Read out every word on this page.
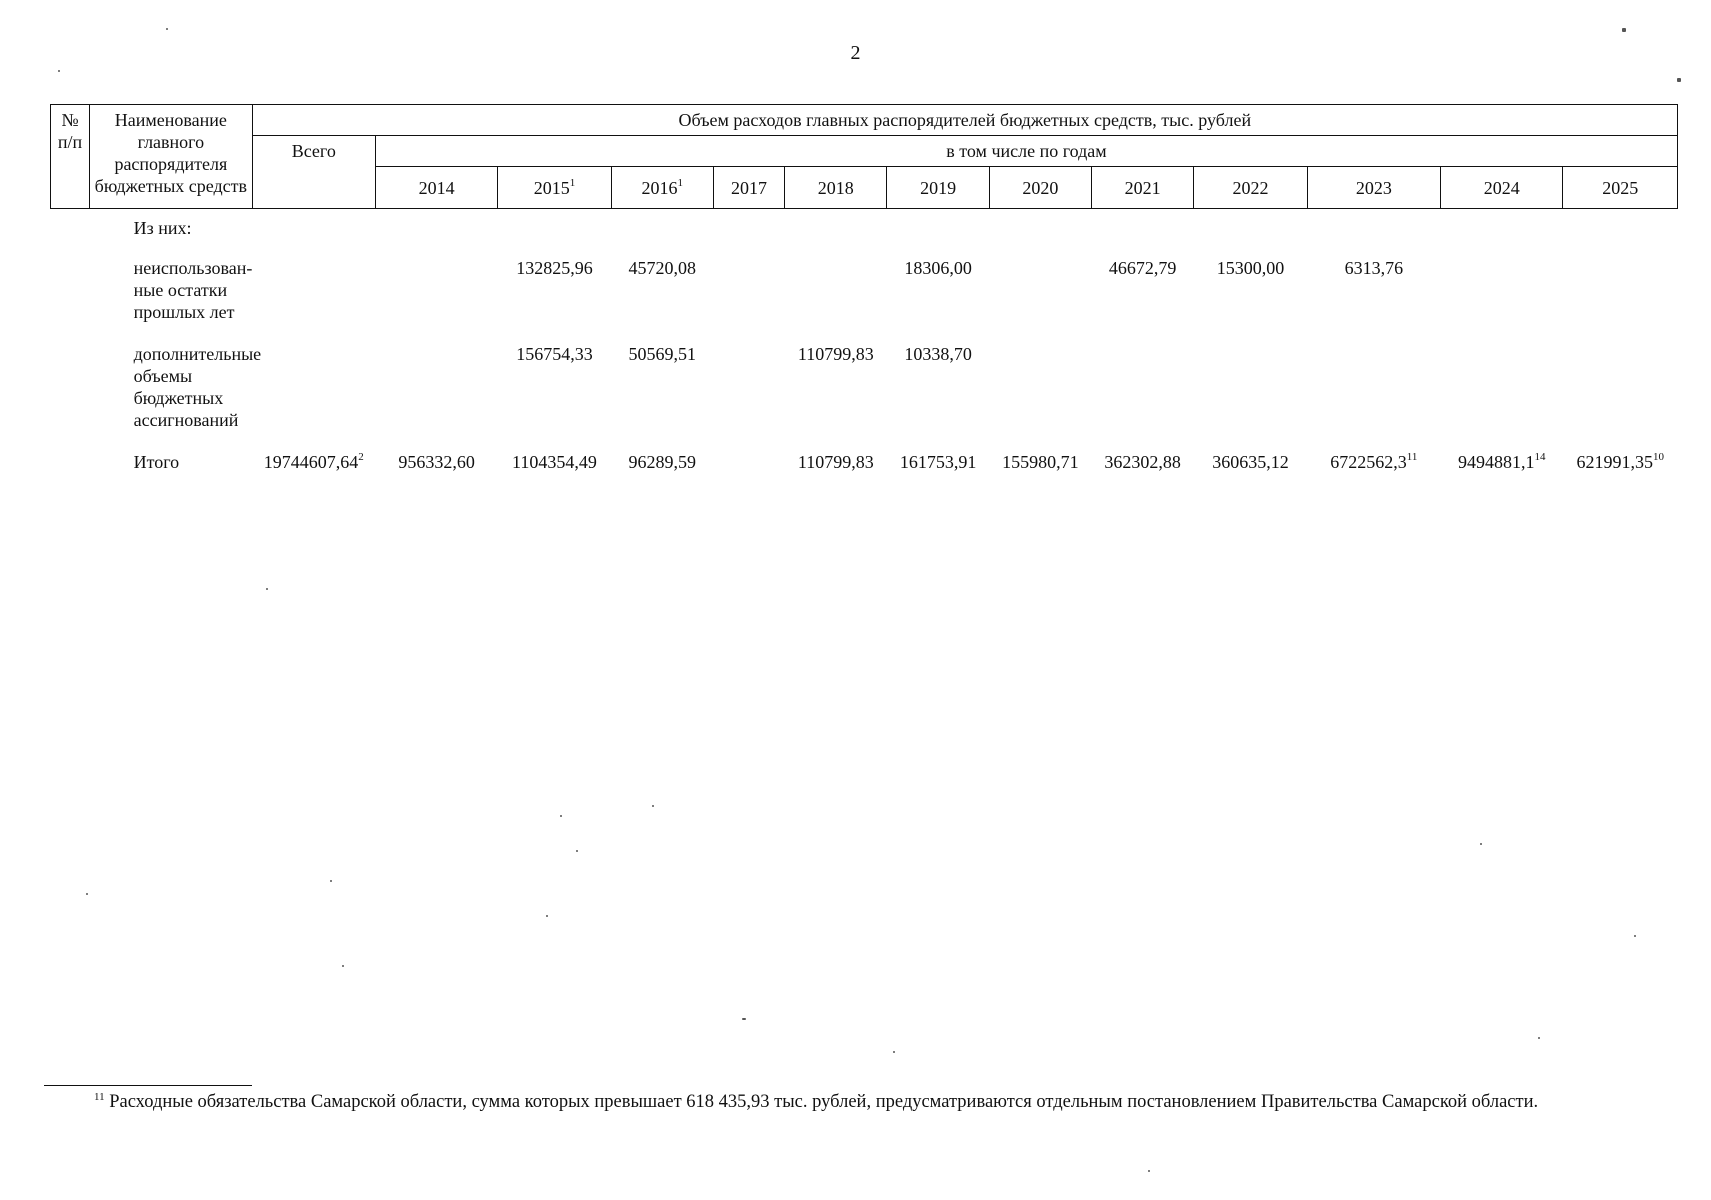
2
№ п/п	Наименование главного распорядителя бюджетных средств	Объем расходов главных распорядителей бюджетных средств, тыс. рублей												
		Всего	в том числе по годам											
			2014	2015$^1$	2016$^1$	2017	2018	2019	2020	2021	2022	2023	2024	2025
	Из них:													
	неиспользован-ные остатки прошлых лет			132825,96	45720,08			18306,00		46672,79	15300,00	6313,76		
	дополнительные объемы бюджетных ассигнований			156754,33	50569,51		110799,83	10338,70						
	Итого	19744607,64$^2$	956332,60	1104354,49	96289,59		110799,83	161753,91	155980,71	362302,88	360635,12	6722562,3$^{11}$	9494881,1$^{14}$	621991,35$^{10}$
$^{11}$ Расходные обязательства Самарской области, сумма которых превышает 618 435,93 тыс. рублей, предусматриваются отдельным постановлением Правительства Самарской области.
